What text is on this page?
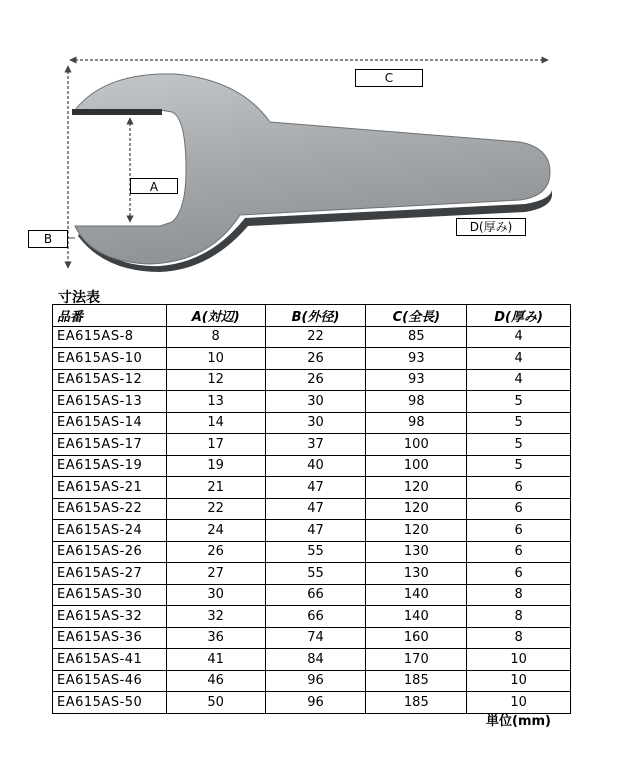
C
A
B
D(厚み)
寸法表
品番	A(対辺)	B(外径)	C(全長)	D(厚み)
EA615AS-8	8	22	85	4
EA615AS-10	10	26	93	4
EA615AS-12	12	26	93	4
EA615AS-13	13	30	98	5
EA615AS-14	14	30	98	5
EA615AS-17	17	37	100	5
EA615AS-19	19	40	100	5
EA615AS-21	21	47	120	6
EA615AS-22	22	47	120	6
EA615AS-24	24	47	120	6
EA615AS-26	26	55	130	6
EA615AS-27	27	55	130	6
EA615AS-30	30	66	140	8
EA615AS-32	32	66	140	8
EA615AS-36	36	74	160	8
EA615AS-41	41	84	170	10
EA615AS-46	46	96	185	10
EA615AS-50	50	96	185	10
単位(mm)
